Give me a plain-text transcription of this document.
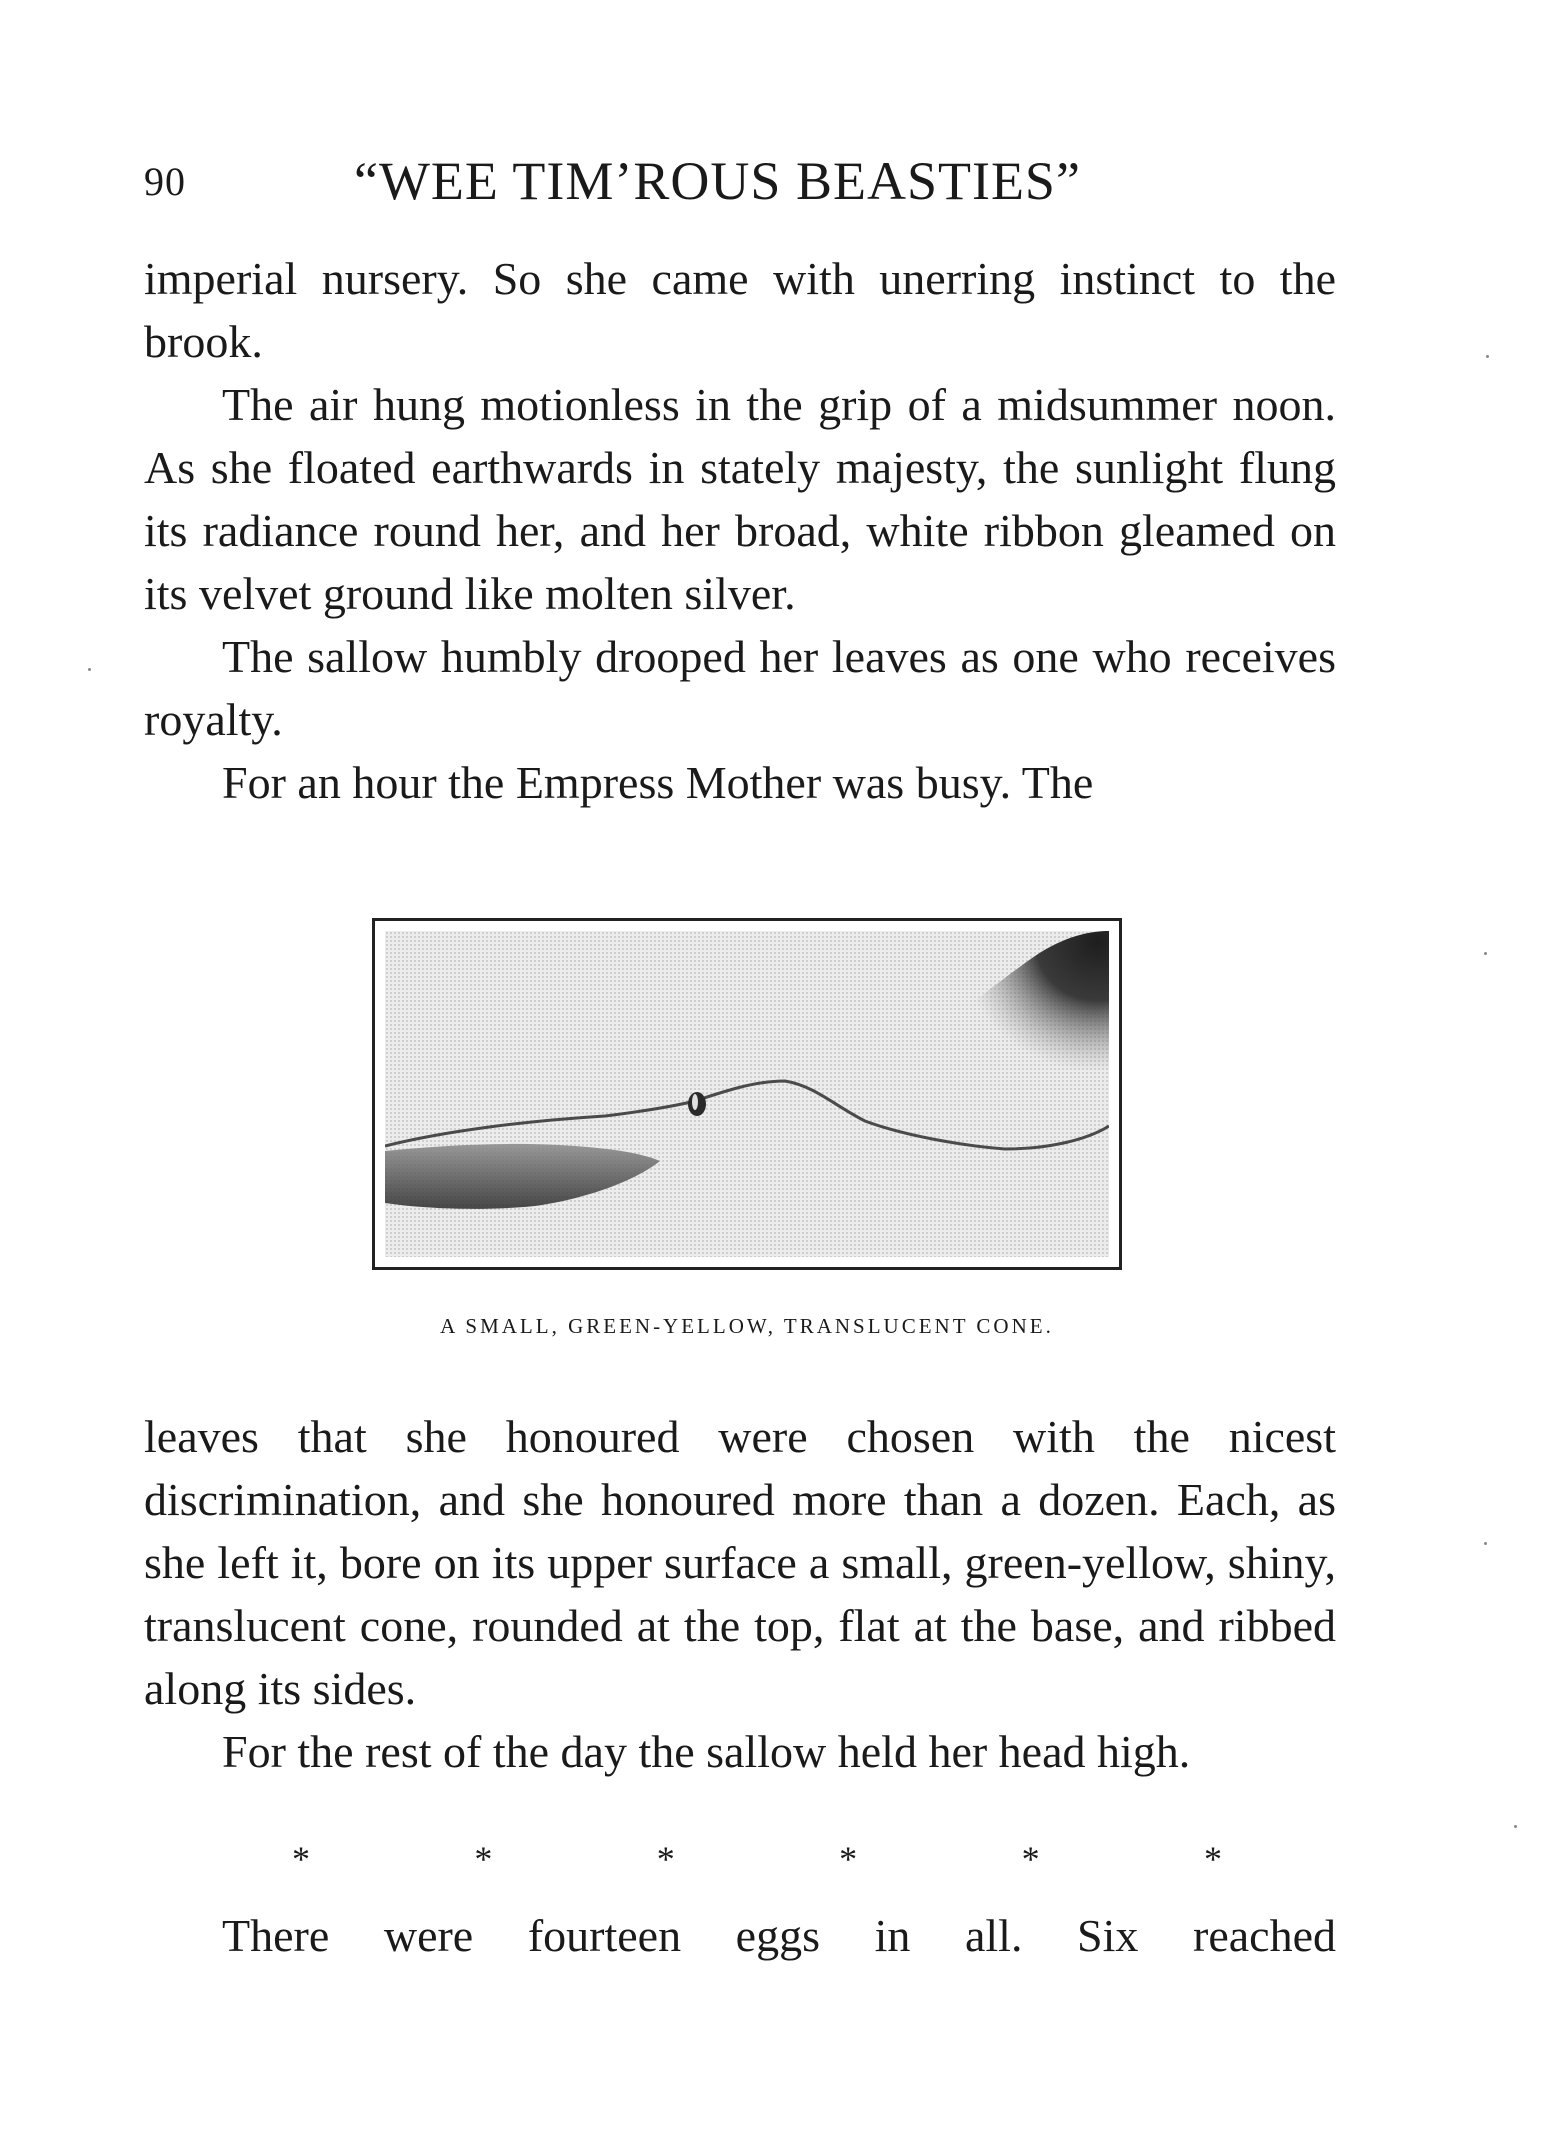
90	“WEE TIM’ROUS BEASTIES”

imperial nursery. So she came with unerring instinct to the brook.

The air hung motionless in the grip of a midsummer noon. As she floated earthwards in stately majesty, the sunlight flung its radiance round her, and her broad, white ribbon gleamed on its velvet ground like molten silver.

The sallow humbly drooped her leaves as one who receives royalty.

For an hour the Empress Mother was busy. The

A SMALL, GREEN-YELLOW, TRANSLUCENT CONE.

leaves that she honoured were chosen with the nicest discrimination, and she honoured more than a dozen. Each, as she left it, bore on its upper surface a small, green-yellow, shiny, translucent cone, rounded at the top, flat at the base, and ribbed along its sides.

For the rest of the day the sallow held her head high.

*	*	*	*	*	*

There were fourteen eggs in all. Six reached
